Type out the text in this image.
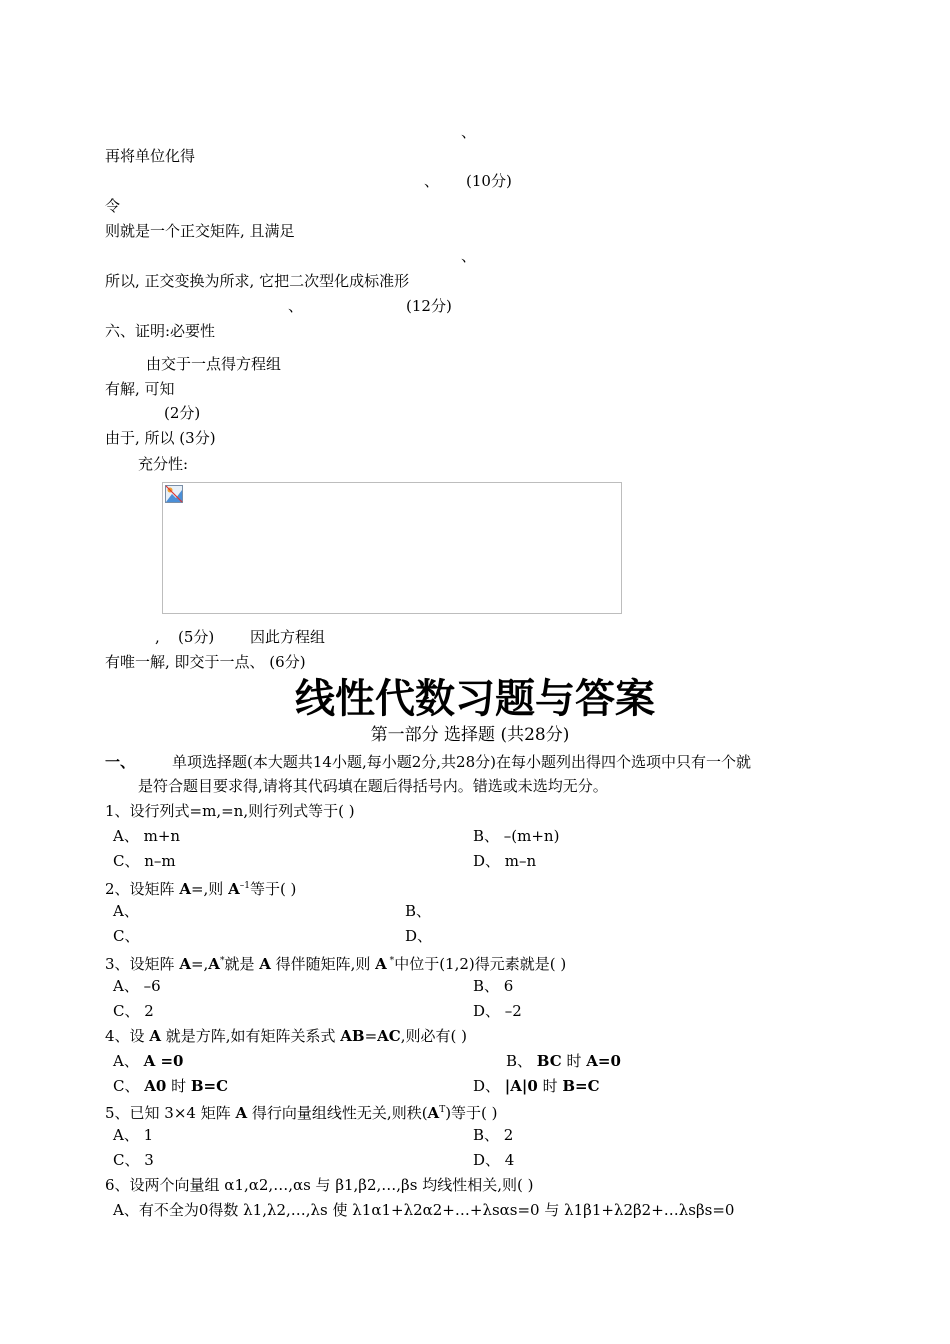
、
再将单位化得
、 (10分)
令
则就是一个正交矩阵, 且满足
、
所以, 正交变换为所求, 它把二次型化成标准形
、	(12分)
六、证明:必要性
由交于一点得方程组
有解, 可知
(2分)
由于, 所以 (3分)
充分性:
, (5分) 因此方程组
有唯一解, 即交于一点、 (6分)
线性代数习题与答案
第一部分 选择题 (共28分)
一、 单项选择题(本大题共14小题,每小题2分,共28分)在每小题列出得四个选项中只有一个就
是符合题目要求得,请将其代码填在题后得括号内。错选或未选均无分。
1、设行列式=m,=n,则行列式等于( )
A、 m+n	B、 –(m+n)
C、 n–m	D、 m–n
2、设矩阵 A=,则 $A^{-1}$等于( )
A、	B、
C、	D、
3、设矩阵 A=,A*就是 A 得伴随矩阵,则 A *中位于(1,2)得元素就是( )
A、 –6	B、 6
C、 2	D、 –2
4、设 A 就是方阵,如有矩阵关系式 AB=AC,则必有( )
A、 A =0	B、 BC 时 A=0
C、 A0 时 B=C	D、 |A|0 时 B=C
5、已知 3×4 矩阵 A 得行向量组线性无关,则秩$(A^T)$等于( )
A、 1	B、 2
C、 3	D、 4
6、设两个向量组 α1,α2,…,αs 与 β1,β2,…,βs 均线性相关,则( )
A、有不全为0得数 λ1,λ2,…,λs 使 λ1α1+λ2α2+…+λsαs=0 与 λ1β1+λ2β2+…λsβs=0
